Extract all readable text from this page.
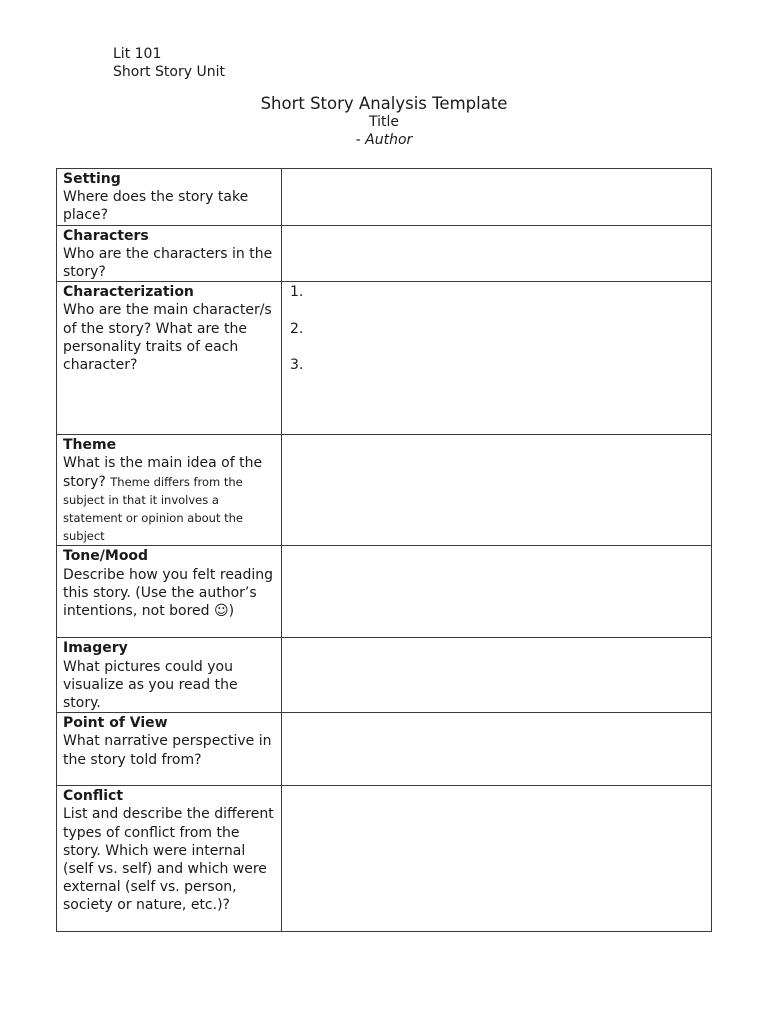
Lit 101
Short Story Unit
Short Story Analysis Template
Title
- Author
Setting
Where does the story take place?	

Characters
Who are the characters in the story?	

Characterization
Who are the main character/s of the story? What are the personality traits of each character?	1.
2.
3.

Theme
What is the main idea of the story? Theme differs from the subject in that it involves a statement or opinion about the subject	

Tone/Mood
Describe how you felt reading this story. (Use the author’s intentions, not bored ☺)	

Imagery
What pictures could you visualize as you read the story.	

Point of View
What narrative perspective in the story told from?	

Conflict
List and describe the different types of conflict from the story. Which were internal (self vs. self) and which were external (self vs. person, society or nature, etc.)?	
